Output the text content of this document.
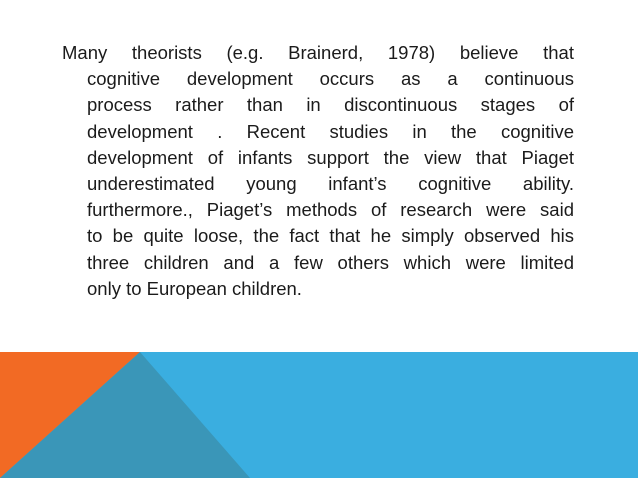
Many theorists (e.g. Brainerd, 1978) believe that
cognitive development occurs as a continuous
process rather than in discontinuous stages of
development . Recent studies in the cognitive
development of infants support the view that Piaget
underestimated young infant’s cognitive ability.
furthermore., Piaget’s methods of research were said
to be quite loose, the fact that he simply observed his
three children and a few others which were limited
only to European children.
